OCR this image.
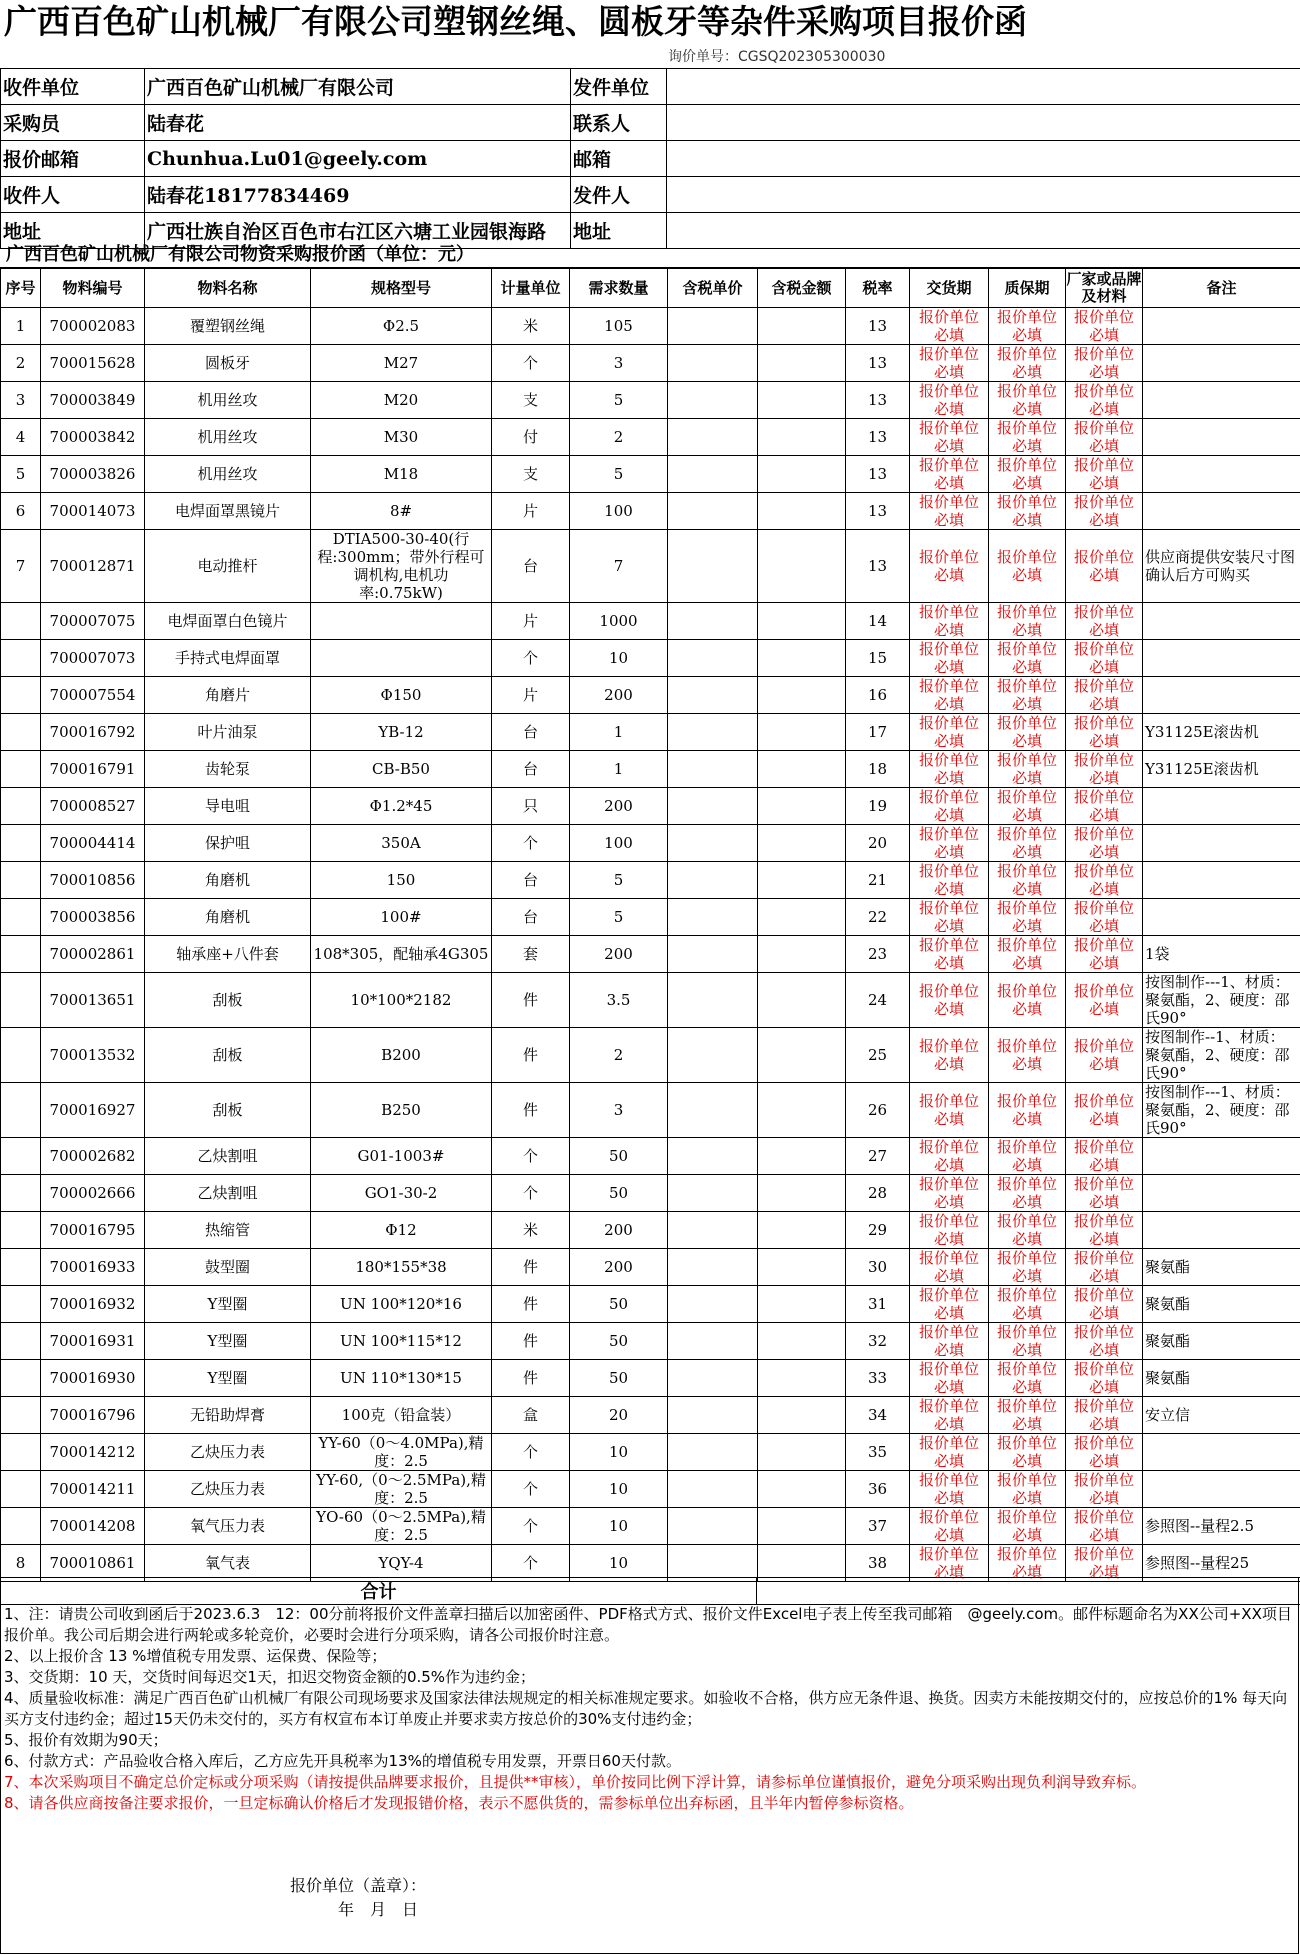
广西百色矿山机械厂有限公司塑钢丝绳、圆板牙等杂件采购项目报价函
询价单号：CGSQ202305300030
收件单位	广西百色矿山机械厂有限公司	发件单位	
采购员	陆春花	联系人	
报价邮箱	Chunhua.Lu01@geely.com	邮箱	
收件人	陆春花18177834469	发件人	
地址	广西壮族自治区百色市右江区六塘工业园银海路	地址	
广西百色矿山机械厂有限公司物资采购报价函（单位：元）
序号	物料编号	物料名称	规格型号	计量单位	需求数量	含税单价	含税金额	税率	交货期	质保期	厂家或品牌及材料	备注
1	700002083	覆塑钢丝绳	Φ2.5	米	105			13	报价单位必填	报价单位必填	报价单位必填	
2	700015628	圆板牙	M27	个	3			13	报价单位必填	报价单位必填	报价单位必填	
3	700003849	机用丝攻	M20	支	5			13	报价单位必填	报价单位必填	报价单位必填	
4	700003842	机用丝攻	M30	付	2			13	报价单位必填	报价单位必填	报价单位必填	
5	700003826	机用丝攻	M18	支	5			13	报价单位必填	报价单位必填	报价单位必填	
6	700014073	电焊面罩黑镜片	8#	片	100			13	报价单位必填	报价单位必填	报价单位必填	
7	700012871	电动推杆	DTIA500-30-40(行程:300mm；带外行程可调机构,电机功率:0.75kW)	台	7			13	报价单位必填	报价单位必填	报价单位必填	供应商提供安装尺寸图确认后方可购买
	700007075	电焊面罩白色镜片		片	1000			14	报价单位必填	报价单位必填	报价单位必填	
	700007073	手持式电焊面罩		个	10			15	报价单位必填	报价单位必填	报价单位必填	
	700007554	角磨片	Φ150	片	200			16	报价单位必填	报价单位必填	报价单位必填	
	700016792	叶片油泵	YB-12	台	1			17	报价单位必填	报价单位必填	报价单位必填	Y31125E滚齿机
	700016791	齿轮泵	CB-B50	台	1			18	报价单位必填	报价单位必填	报价单位必填	Y31125E滚齿机
	700008527	导电咀	Φ1.2*45	只	200			19	报价单位必填	报价单位必填	报价单位必填	
	700004414	保护咀	350A	个	100			20	报价单位必填	报价单位必填	报价单位必填	
	700010856	角磨机	150	台	5			21	报价单位必填	报价单位必填	报价单位必填	
	700003856	角磨机	100#	台	5			22	报价单位必填	报价单位必填	报价单位必填	
	700002861	轴承座+八件套	108*305，配轴承4G305	套	200			23	报价单位必填	报价单位必填	报价单位必填	1袋
	700013651	刮板	10*100*2182	件	3.5			24	报价单位必填	报价单位必填	报价单位必填	按图制作---1、材质：聚氨酯，2、硬度：邵氏90°
	700013532	刮板	B200	件	2			25	报价单位必填	报价单位必填	报价单位必填	按图制作--1、材质：聚氨酯，2、硬度：邵氏90°
	700016927	刮板	B250	件	3			26	报价单位必填	报价单位必填	报价单位必填	按图制作---1、材质：聚氨酯，2、硬度：邵氏90°
	700002682	乙炔割咀	G01-1003#	个	50			27	报价单位必填	报价单位必填	报价单位必填	
	700002666	乙炔割咀	GO1-30-2	个	50			28	报价单位必填	报价单位必填	报价单位必填	
	700016795	热缩管	Φ12	米	200			29	报价单位必填	报价单位必填	报价单位必填	
	700016933	鼓型圈	180*155*38	件	200			30	报价单位必填	报价单位必填	报价单位必填	聚氨酯
	700016932	Y型圈	UN 100*120*16	件	50			31	报价单位必填	报价单位必填	报价单位必填	聚氨酯
	700016931	Y型圈	UN 100*115*12	件	50			32	报价单位必填	报价单位必填	报价单位必填	聚氨酯
	700016930	Y型圈	UN 110*130*15	件	50			33	报价单位必填	报价单位必填	报价单位必填	聚氨酯
	700016796	无铅助焊膏	100克（铅盒装）	盒	20			34	报价单位必填	报价单位必填	报价单位必填	安立信
	700014212	乙炔压力表	YY-60（0～4.0MPa),精度：2.5	个	10			35	报价单位必填	报价单位必填	报价单位必填	
	700014211	乙炔压力表	YY-60,（0～2.5MPa),精度：2.5	个	10			36	报价单位必填	报价单位必填	报价单位必填	
	700014208	氧气压力表	YO-60（0～2.5MPa),精度：2.5	个	10			37	报价单位必填	报价单位必填	报价单位必填	参照图--量程2.5
8	700010861	氧气表	YQY-4	个	10			38	报价单位必填	报价单位必填	报价单位必填	参照图--量程25
合计	

1、注：请贵公司收到函后于2023.6.3　12：00分前将报价文件盖章扫描后以加密函件、PDF格式方式、报价文件Excel电子表上传至我司邮箱　@geely.com。邮件标题命名为XX公司+XX项目报价单。我公司后期会进行两轮或多轮竞价，必要时会进行分项采购，请各公司报价时注意。

2、以上报价含 13 %增值税专用发票、运保费、保险等；

3、交货期：10 天，交货时间每迟交1天，扣迟交物资金额的0.5%作为违约金；

4、质量验收标准：满足广西百色矿山机械厂有限公司现场要求及国家法律法规规定的相关标准规定要求。如验收不合格，供方应无条件退、换货。因卖方未能按期交付的，应按总价的1% 每天向买方支付违约金；超过15天仍未交付的，买方有权宣布本订单废止并要求卖方按总价的30%支付违约金；

5、报价有效期为90天；

6、付款方式：产品验收合格入库后，乙方应先开具税率为13%的增值税专用发票，开票日60天付款。

7、本次采购项目不确定总价定标或分项采购（请按提供品牌要求报价，且提供**审核），单价按同比例下浮计算，请参标单位谨慎报价，避免分项采购出现负利润导致弃标。

8、请各供应商按备注要求报价，一旦定标确认价格后才发现报错价格，表示不愿供货的，需参标单位出弃标函，且半年内暂停参标资格。

报价单位（盖章）：
年　月　日
